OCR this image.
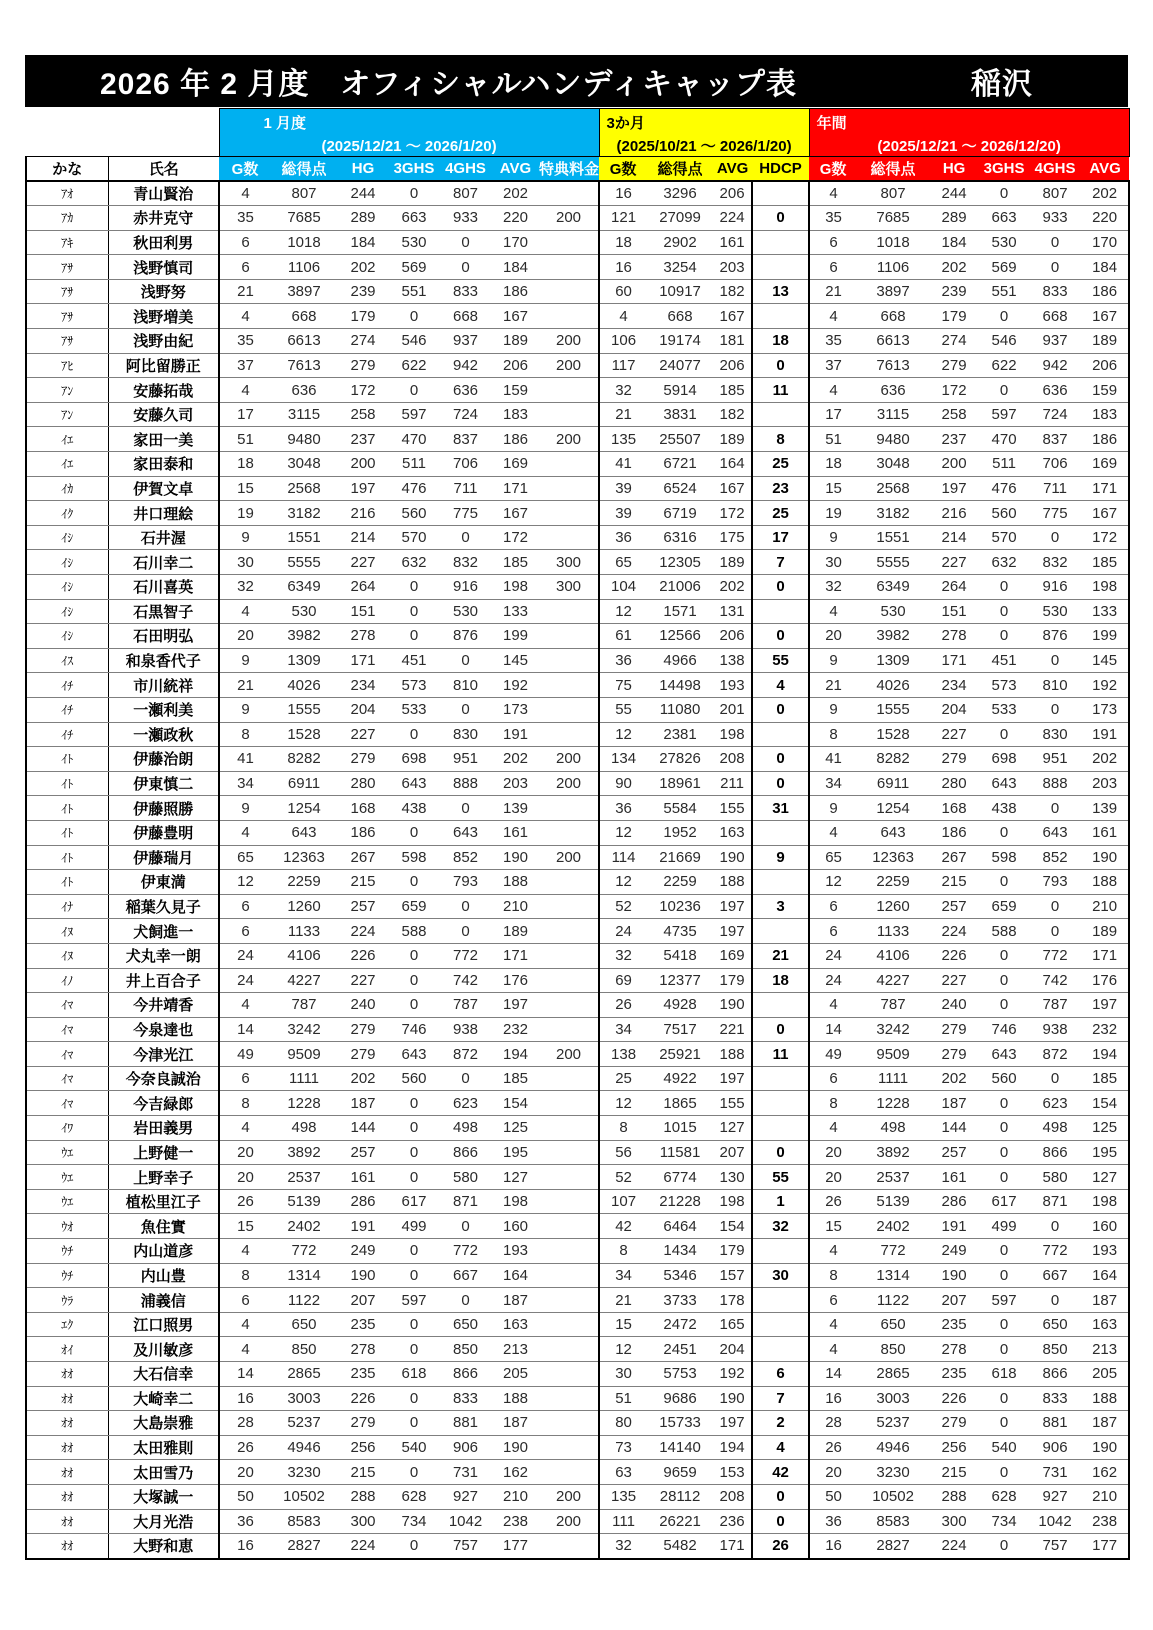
2026 年 2 月度　オフィシャルハンディキャップ表	稲沢

1 月度
(2025/12/21 ～ 2026/1/20)

3か月
(2025/10/21 ～ 2026/1/20)

年間
(2025/12/21 ～ 2026/12/20)

かな	氏名	G数	総得点	HG	3GHS	4GHS	AVG	特典料金	G数	総得点	AVG	HDCP	G数	総得点	HG	3GHS	4GHS	AVG
ｱｵ	青山賢治	4	807	244	0	807	202		16	3296	206		4	807	244	0	807	202
ｱｶ	赤井克守	35	7685	289	663	933	220	200	121	27099	224	0	35	7685	289	663	933	220
ｱｷ	秋田利男	6	1018	184	530	0	170		18	2902	161		6	1018	184	530	0	170
ｱｻ	浅野慎司	6	1106	202	569	0	184		16	3254	203		6	1106	202	569	0	184
ｱｻ	浅野努	21	3897	239	551	833	186		60	10917	182	13	21	3897	239	551	833	186
ｱｻ	浅野増美	4	668	179	0	668	167		4	668	167		4	668	179	0	668	167
ｱｻ	浅野由紀	35	6613	274	546	937	189	200	106	19174	181	18	35	6613	274	546	937	189
ｱﾋ	阿比留勝正	37	7613	279	622	942	206	200	117	24077	206	0	37	7613	279	622	942	206
ｱﾝ	安藤拓哉	4	636	172	0	636	159		32	5914	185	11	4	636	172	0	636	159
ｱﾝ	安藤久司	17	3115	258	597	724	183		21	3831	182		17	3115	258	597	724	183
ｲｴ	家田一美	51	9480	237	470	837	186	200	135	25507	189	8	51	9480	237	470	837	186
ｲｴ	家田泰和	18	3048	200	511	706	169		41	6721	164	25	18	3048	200	511	706	169
ｲｶ	伊賀文卓	15	2568	197	476	711	171		39	6524	167	23	15	2568	197	476	711	171
ｲｸ	井口理絵	19	3182	216	560	775	167		39	6719	172	25	19	3182	216	560	775	167
ｲｼ	石井渥	9	1551	214	570	0	172		36	6316	175	17	9	1551	214	570	0	172
ｲｼ	石川幸二	30	5555	227	632	832	185	300	65	12305	189	7	30	5555	227	632	832	185
ｲｼ	石川喜英	32	6349	264	0	916	198	300	104	21006	202	0	32	6349	264	0	916	198
ｲｼ	石黒智子	4	530	151	0	530	133		12	1571	131		4	530	151	0	530	133
ｲｼ	石田明弘	20	3982	278	0	876	199		61	12566	206	0	20	3982	278	0	876	199
ｲｽ	和泉香代子	9	1309	171	451	0	145		36	4966	138	55	9	1309	171	451	0	145
ｲﾁ	市川統祥	21	4026	234	573	810	192		75	14498	193	4	21	4026	234	573	810	192
ｲﾁ	一瀬利美	9	1555	204	533	0	173		55	11080	201	0	9	1555	204	533	0	173
ｲﾁ	一瀬政秋	8	1528	227	0	830	191		12	2381	198		8	1528	227	0	830	191
ｲﾄ	伊藤治朗	41	8282	279	698	951	202	200	134	27826	208	0	41	8282	279	698	951	202
ｲﾄ	伊東慎二	34	6911	280	643	888	203	200	90	18961	211	0	34	6911	280	643	888	203
ｲﾄ	伊藤照勝	9	1254	168	438	0	139		36	5584	155	31	9	1254	168	438	0	139
ｲﾄ	伊藤豊明	4	643	186	0	643	161		12	1952	163		4	643	186	0	643	161
ｲﾄ	伊藤瑞月	65	12363	267	598	852	190	200	114	21669	190	9	65	12363	267	598	852	190
ｲﾄ	伊東満	12	2259	215	0	793	188		12	2259	188		12	2259	215	0	793	188
ｲﾅ	稲葉久見子	6	1260	257	659	0	210		52	10236	197	3	6	1260	257	659	0	210
ｲﾇ	犬飼進一	6	1133	224	588	0	189		24	4735	197		6	1133	224	588	0	189
ｲﾇ	犬丸幸一朗	24	4106	226	0	772	171		32	5418	169	21	24	4106	226	0	772	171
ｲﾉ	井上百合子	24	4227	227	0	742	176		69	12377	179	18	24	4227	227	0	742	176
ｲﾏ	今井靖香	4	787	240	0	787	197		26	4928	190		4	787	240	0	787	197
ｲﾏ	今泉達也	14	3242	279	746	938	232		34	7517	221	0	14	3242	279	746	938	232
ｲﾏ	今津光江	49	9509	279	643	872	194	200	138	25921	188	11	49	9509	279	643	872	194
ｲﾏ	今奈良誠治	6	1111	202	560	0	185		25	4922	197		6	1111	202	560	0	185
ｲﾏ	今吉緑郎	8	1228	187	0	623	154		12	1865	155		8	1228	187	0	623	154
ｲﾜ	岩田義男	4	498	144	0	498	125		8	1015	127		4	498	144	0	498	125
ｳｴ	上野健一	20	3892	257	0	866	195		56	11581	207	0	20	3892	257	0	866	195
ｳｴ	上野幸子	20	2537	161	0	580	127		52	6774	130	55	20	2537	161	0	580	127
ｳｴ	植松里江子	26	5139	286	617	871	198		107	21228	198	1	26	5139	286	617	871	198
ｳｵ	魚住實	15	2402	191	499	0	160		42	6464	154	32	15	2402	191	499	0	160
ｳﾁ	内山道彦	4	772	249	0	772	193		8	1434	179		4	772	249	0	772	193
ｳﾁ	内山豊	8	1314	190	0	667	164		34	5346	157	30	8	1314	190	0	667	164
ｳﾗ	浦義信	6	1122	207	597	0	187		21	3733	178		6	1122	207	597	0	187
ｴｸ	江口照男	4	650	235	0	650	163		15	2472	165		4	650	235	0	650	163
ｵｲ	及川敏彦	4	850	278	0	850	213		12	2451	204		4	850	278	0	850	213
ｵｵ	大石信幸	14	2865	235	618	866	205		30	5753	192	6	14	2865	235	618	866	205
ｵｵ	大崎幸二	16	3003	226	0	833	188		51	9686	190	7	16	3003	226	0	833	188
ｵｵ	大島崇雅	28	5237	279	0	881	187		80	15733	197	2	28	5237	279	0	881	187
ｵｵ	太田雅則	26	4946	256	540	906	190		73	14140	194	4	26	4946	256	540	906	190
ｵｵ	太田雪乃	20	3230	215	0	731	162		63	9659	153	42	20	3230	215	0	731	162
ｵｵ	大塚誠一	50	10502	288	628	927	210	200	135	28112	208	0	50	10502	288	628	927	210
ｵｵ	大月光浩	36	8583	300	734	1042	238	200	111	26221	236	0	36	8583	300	734	1042	238
ｵｵ	大野和恵	16	2827	224	0	757	177		32	5482	171	26	16	2827	224	0	757	177
